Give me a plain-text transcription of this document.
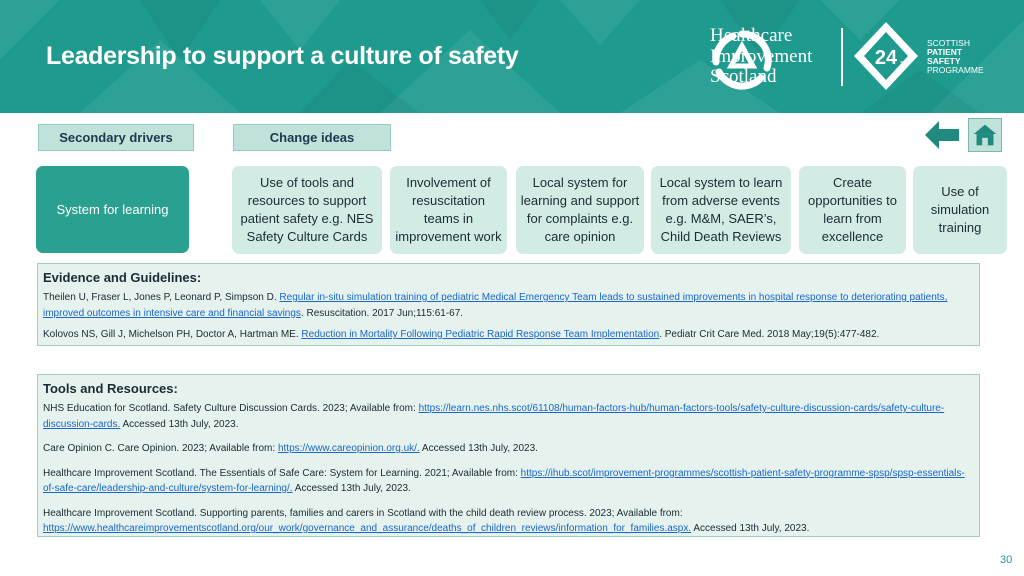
Leadership to support a culture of safety
Healthcare
Improvement
Scotland
24 7
SCOTTISH
PATIENT
SAFETY
PROGRAMME
Secondary drivers	Change ideas
System for learning
Use of tools and resources to support patient safety e.g. NES Safety Culture Cards
Involvement of resuscitation teams in improvement work
Local system for learning and support for complaints e.g. care opinion
Local system to learn from adverse events e.g. M&M, SAER’s, Child Death Reviews
Create opportunities to learn from excellence
Use of simulation training
Evidence and Guidelines:
Theilen U, Fraser L, Jones P, Leonard P, Simpson D. Regular in-situ simulation training of pediatric Medical Emergency Team leads to sustained improvements in hospital response to deteriorating patients, improved outcomes in intensive care and financial savings. Resuscitation. 2017 Jun;115:61-67.
Kolovos NS, Gill J, Michelson PH, Doctor A, Hartman ME. Reduction in Mortality Following Pediatric Rapid Response Team Implementation. Pediatr Crit Care Med. 2018 May;19(5):477-482.
Tools and Resources:
NHS Education for Scotland. Safety Culture Discussion Cards. 2023; Available from: https://learn.nes.nhs.scot/61108/human-factors-hub/human-factors-tools/safety-culture-discussion-cards/safety-culture-discussion-cards. Accessed 13th July, 2023.
Care Opinion C. Care Opinion. 2023; Available from: https://www.careopinion.org.uk/. Accessed 13th July, 2023.
Healthcare Improvement Scotland. The Essentials of Safe Care: System for Learning. 2021; Available from: https://ihub.scot/improvement-programmes/scottish-patient-safety-programme-spsp/spsp-essentials-of-safe-care/leadership-and-culture/system-for-learning/. Accessed 13th July, 2023.
Healthcare Improvement Scotland. Supporting parents, families and carers in Scotland with the child death review process. 2023; Available from: https://www.healthcareimprovementscotland.org/our_work/governance_and_assurance/deaths_of_children_reviews/information_for_families.aspx. Accessed 13th July, 2023.
30
